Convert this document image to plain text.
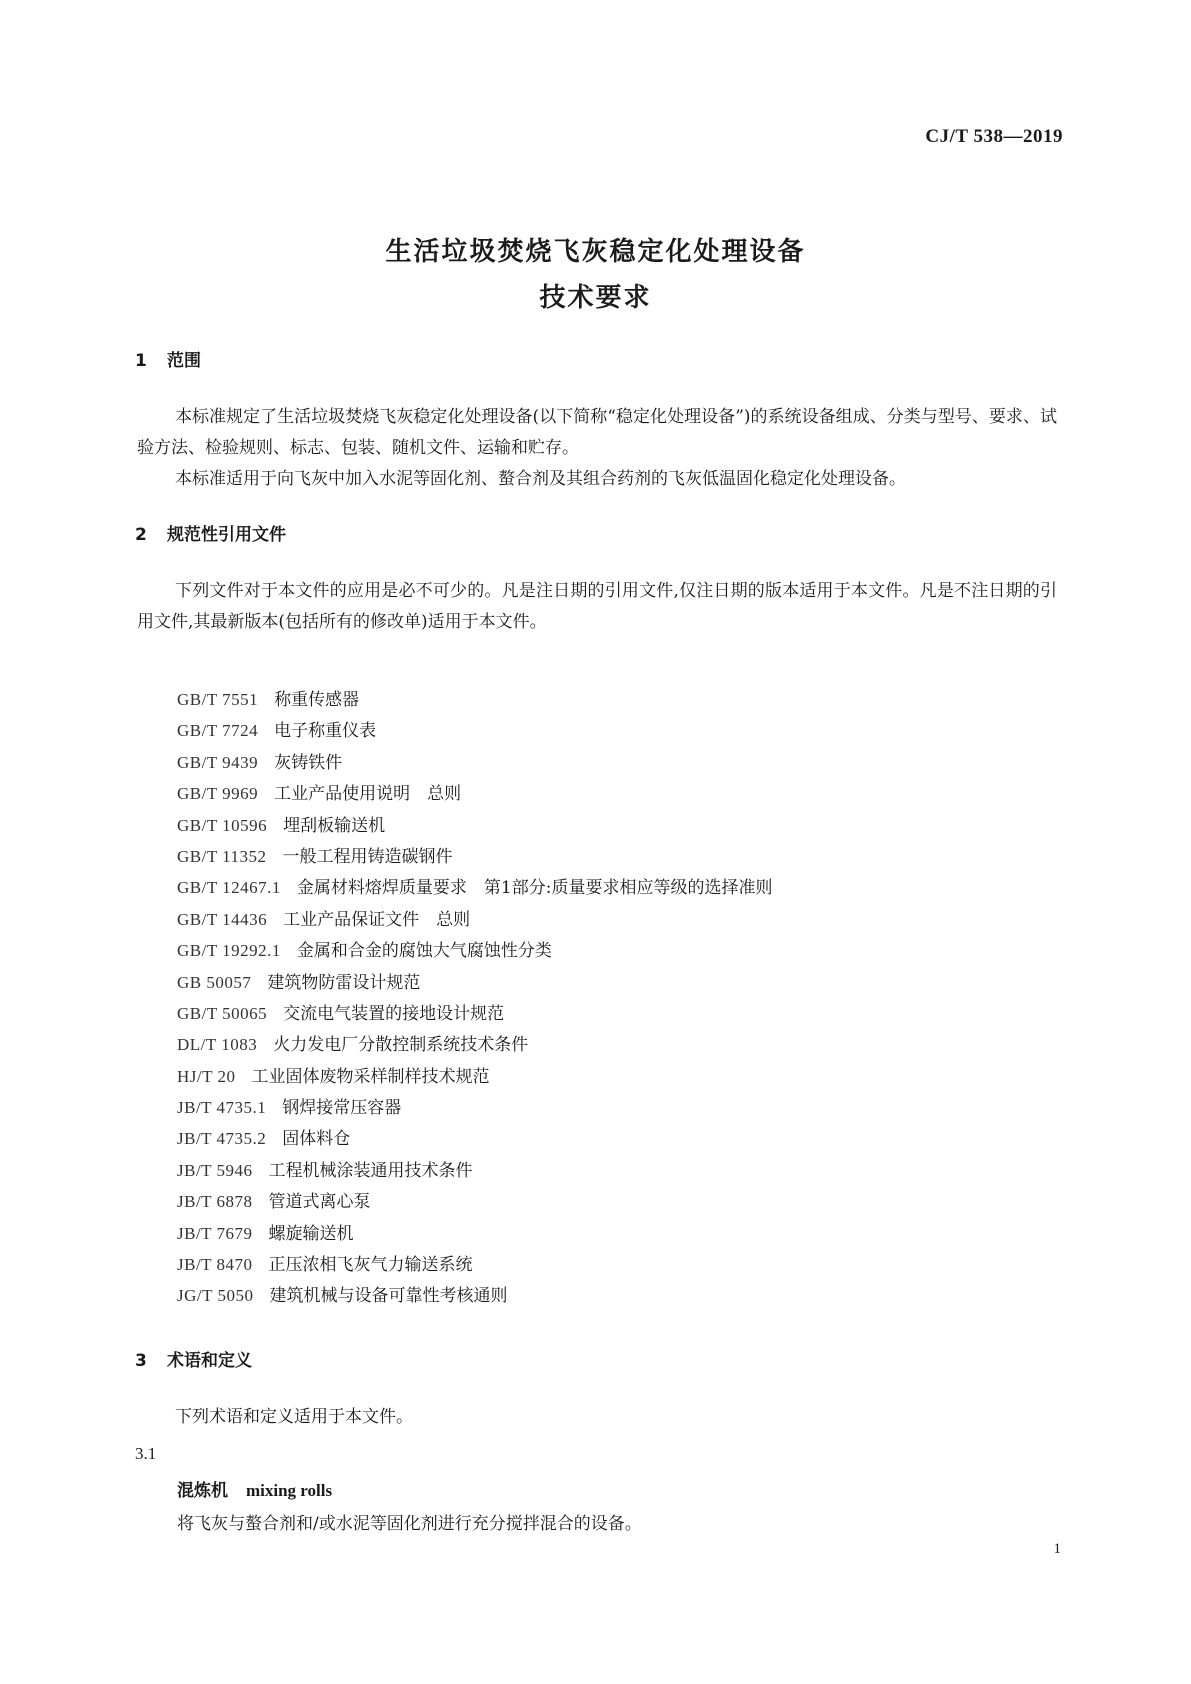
CJ/T 538—2019
生活垃圾焚烧飞灰稳定化处理设备
技术要求
1 范围
本标准规定了生活垃圾焚烧飞灰稳定化处理设备(以下简称“稳定化处理设备”)的系统设备组成、分类与型号、要求、试验方法、检验规则、标志、包装、随机文件、运输和贮存。
本标准适用于向飞灰中加入水泥等固化剂、螯合剂及其组合药剂的飞灰低温固化稳定化处理设备。
2 规范性引用文件
下列文件对于本文件的应用是必不可少的。凡是注日期的引用文件,仅注日期的版本适用于本文件。凡是不注日期的引用文件,其最新版本(包括所有的修改单)适用于本文件。
GB/T 7551 称重传感器
GB/T 7724 电子称重仪表
GB/T 9439 灰铸铁件
GB/T 9969 工业产品使用说明　总则
GB/T 10596 埋刮板输送机
GB/T 11352 一般工程用铸造碳钢件
GB/T 12467.1 金属材料熔焊质量要求　第1部分:质量要求相应等级的选择准则
GB/T 14436 工业产品保证文件　总则
GB/T 19292.1 金属和合金的腐蚀大气腐蚀性分类
GB 50057 建筑物防雷设计规范
GB/T 50065 交流电气装置的接地设计规范
DL/T 1083 火力发电厂分散控制系统技术条件
HJ/T 20 工业固体废物采样制样技术规范
JB/T 4735.1 钢焊接常压容器
JB/T 4735.2 固体料仓
JB/T 5946 工程机械涂装通用技术条件
JB/T 6878 管道式离心泵
JB/T 7679 螺旋输送机
JB/T 8470 正压浓相飞灰气力输送系统
JG/T 5050 建筑机械与设备可靠性考核通则
3 术语和定义
下列术语和定义适用于本文件。
3.1
混炼机 mixing rolls
将飞灰与螯合剂和/或水泥等固化剂进行充分搅拌混合的设备。
1
